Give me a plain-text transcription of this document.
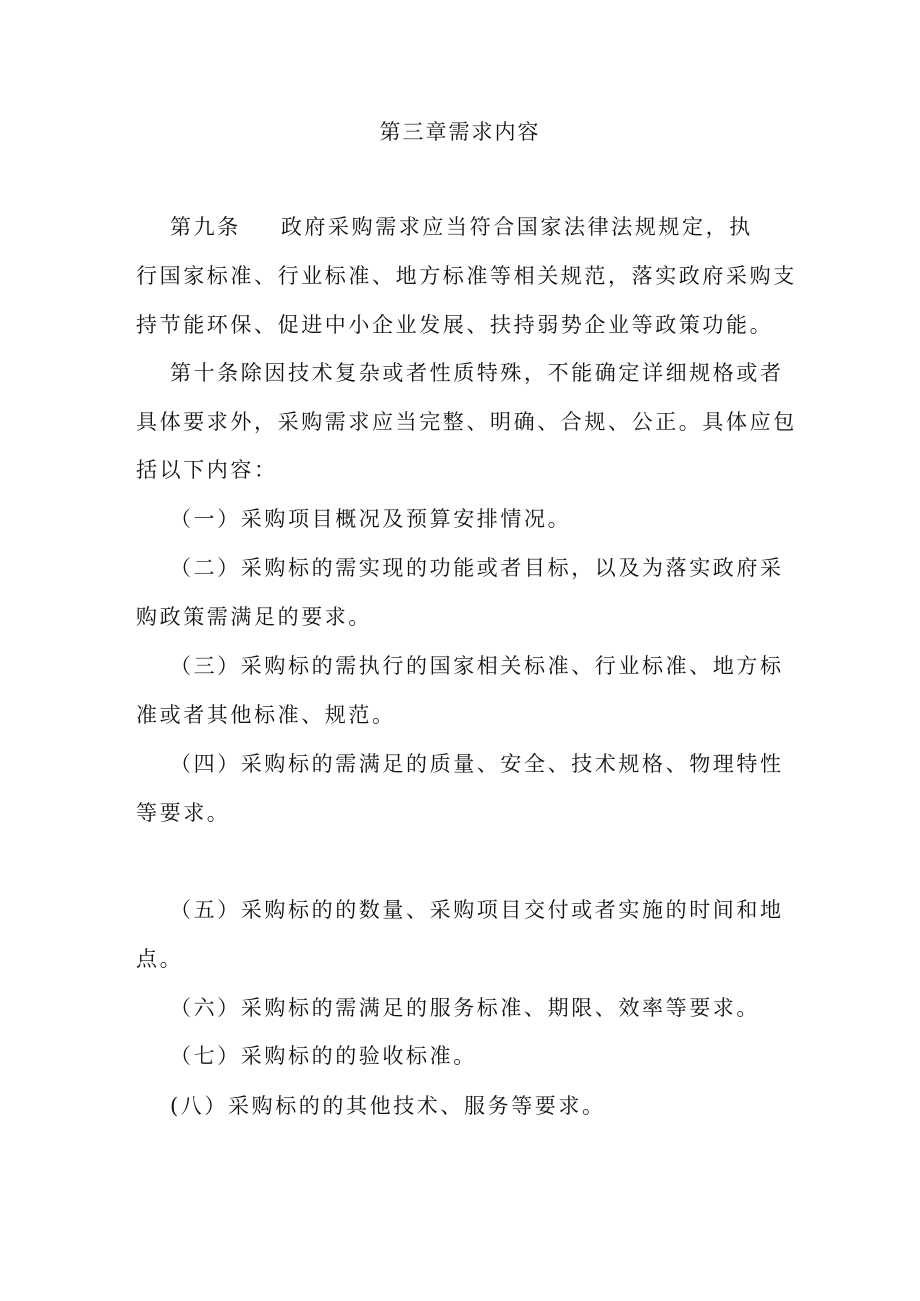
第三章需求内容
第九条 政府采购需求应当符合国家法律法规规定，执
行国家标准、行业标准、地方标准等相关规范，落实政府采购支
持节能环保、促进中小企业发展、扶持弱势企业等政策功能。
第十条除因技术复杂或者性质特殊，不能确定详细规格或者
具体要求外，采购需求应当完整、明确、合规、公正。具体应包
括以下内容：
（一）采购项目概况及预算安排情况。
（二）采购标的需实现的功能或者目标，以及为落实政府采
购政策需满足的要求。
（三）采购标的需执行的国家相关标准、行业标准、地方标
准或者其他标准、规范。
（四）采购标的需满足的质量、安全、技术规格、物理特性
等要求。
（五）采购标的的数量、采购项目交付或者实施的时间和地
点。
（六）采购标的需满足的服务标准、期限、效率等要求。
（七）采购标的的验收标准。
(八）采购标的的其他技术、服务等要求。
